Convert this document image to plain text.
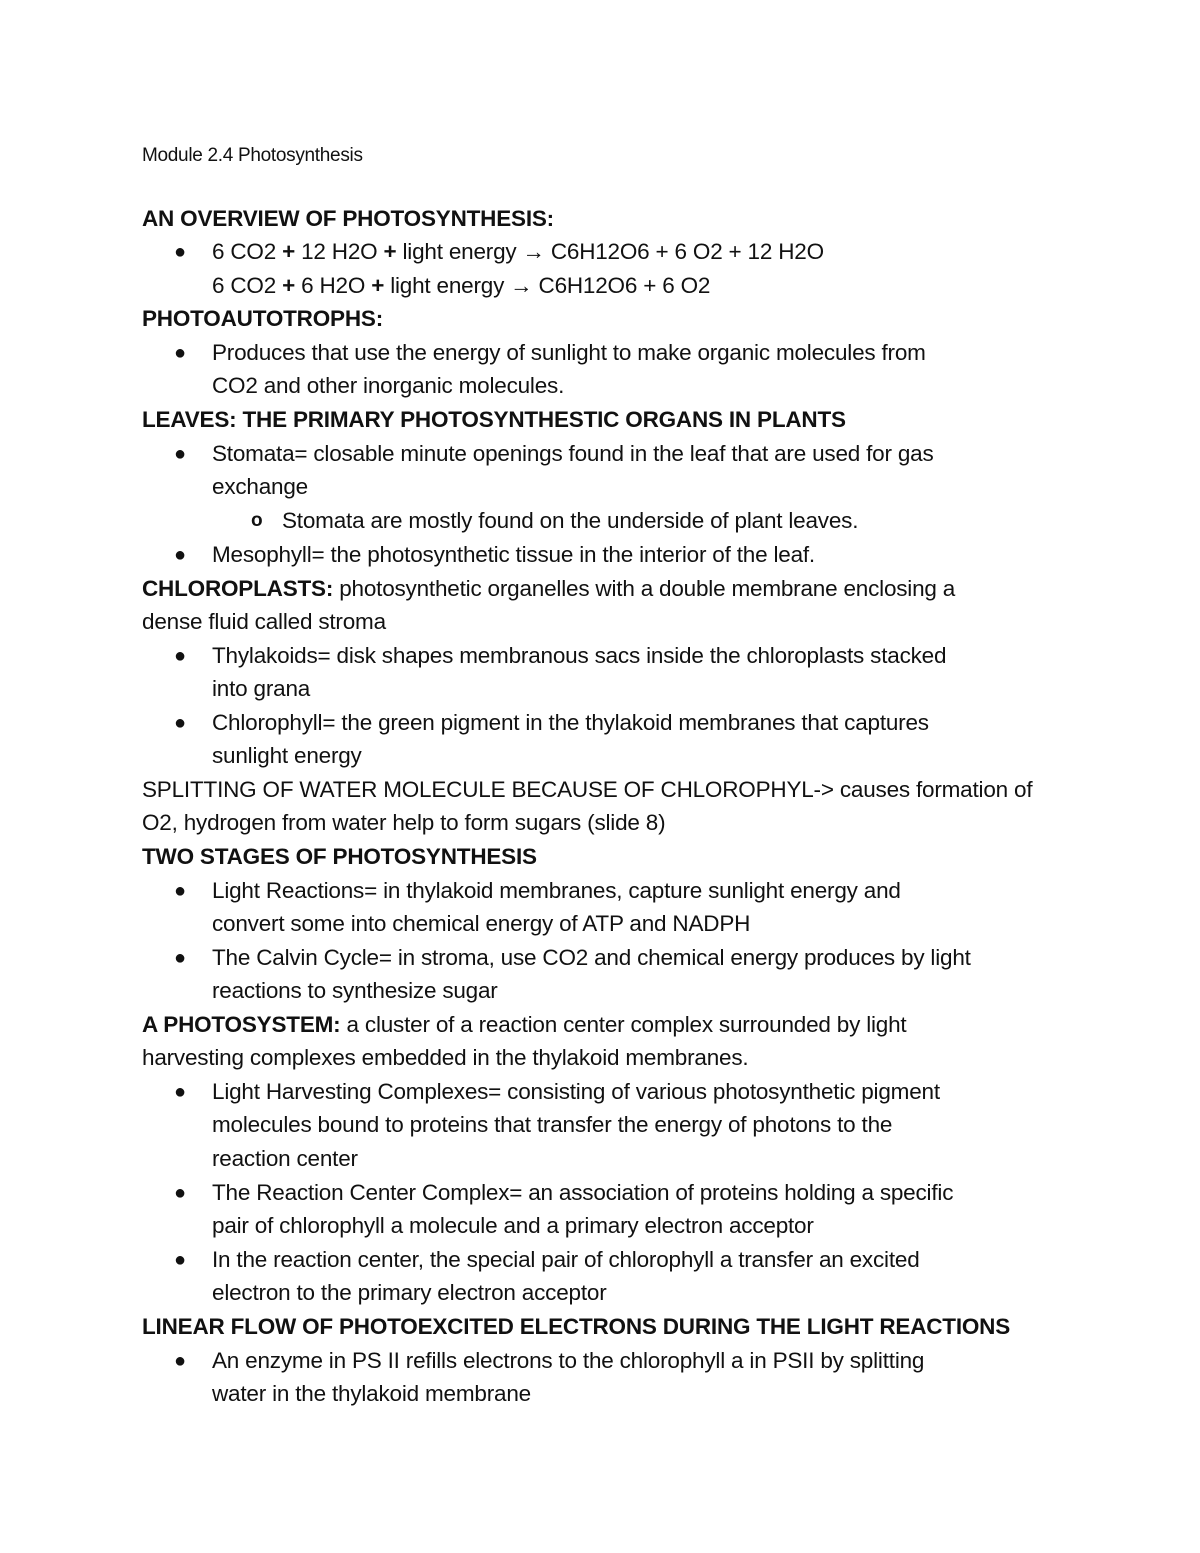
Module 2.4 Photosynthesis
AN OVERVIEW OF PHOTOSYNTHESIS:
● 6 CO2 + 12 H2O + light energy → C6H12O6 + 6 O2 + 12 H2O
6 CO2 + 6 H2O + light energy → C6H12O6 + 6 O2
PHOTOAUTOTROPHS:
● Produces that use the energy of sunlight to make organic molecules from
CO2 and other inorganic molecules.
LEAVES: THE PRIMARY PHOTOSYNTHESTIC ORGANS IN PLANTS
● Stomata= closable minute openings found in the leaf that are used for gas
exchange
o Stomata are mostly found on the underside of plant leaves.
● Mesophyll= the photosynthetic tissue in the interior of the leaf.
CHLOROPLASTS: photosynthetic organelles with a double membrane enclosing a
dense fluid called stroma
● Thylakoids= disk shapes membranous sacs inside the chloroplasts stacked
into grana
● Chlorophyll= the green pigment in the thylakoid membranes that captures
sunlight energy
SPLITTING OF WATER MOLECULE BECAUSE OF CHLOROPHYL-> causes formation of
O2, hydrogen from water help to form sugars (slide 8)
TWO STAGES OF PHOTOSYNTHESIS
● Light Reactions= in thylakoid membranes, capture sunlight energy and
convert some into chemical energy of ATP and NADPH
● The Calvin Cycle= in stroma, use CO2 and chemical energy produces by light
reactions to synthesize sugar
A PHOTOSYSTEM: a cluster of a reaction center complex surrounded by light
harvesting complexes embedded in the thylakoid membranes.
● Light Harvesting Complexes= consisting of various photosynthetic pigment
molecules bound to proteins that transfer the energy of photons to the
reaction center
● The Reaction Center Complex= an association of proteins holding a specific
pair of chlorophyll a molecule and a primary electron acceptor
● In the reaction center, the special pair of chlorophyll a transfer an excited
electron to the primary electron acceptor
LINEAR FLOW OF PHOTOEXCITED ELECTRONS DURING THE LIGHT REACTIONS
● An enzyme in PS II refills electrons to the chlorophyll a in PSII by splitting
water in the thylakoid membrane
